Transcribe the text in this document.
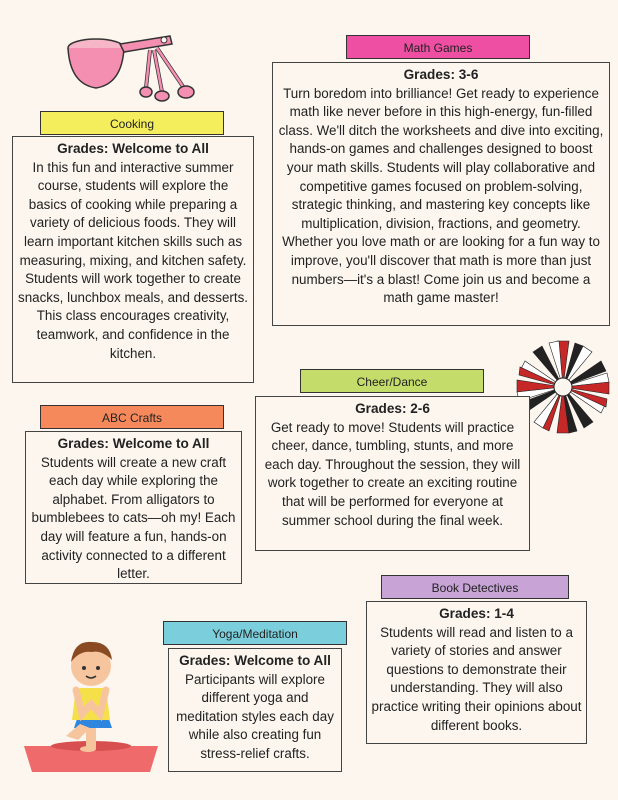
Math Games
Grades: 3-6
Turn boredom into brilliance! Get ready to experience math like never before in this high-energy, fun-filled class. We'll ditch the worksheets and dive into exciting, hands-on games and challenges designed to boost your math skills. Students will play collaborative and competitive games focused on problem-solving, strategic thinking, and mastering key concepts like multiplication, division, fractions, and geometry. Whether you love math or are looking for a fun way to improve, you'll discover that math is more than just numbers—it's a blast! Come join us and become a math game master!
Cooking
Grades: Welcome to All
In this fun and interactive summer course, students will explore the basics of cooking while preparing a variety of delicious foods. They will learn important kitchen skills such as measuring, mixing, and kitchen safety. Students will work together to create snacks, lunchbox meals, and desserts. This class encourages creativity, teamwork, and confidence in the kitchen.
Cheer/Dance
Grades: 2-6
Get ready to move! Students will practice cheer, dance, tumbling, stunts, and more each day. Throughout the session, they will work together to create an exciting routine that will be performed for everyone at summer school during the final week.
ABC Crafts
Grades: Welcome to All
Students will create a new craft each day while exploring the alphabet. From alligators to bumblebees to cats—oh my! Each day will feature a fun, hands-on activity connected to a different letter.
Book Detectives
Grades: 1-4
Students will read and listen to a variety of stories and answer questions to demonstrate their understanding. They will also practice writing their opinions about different books.
Yoga/Meditation
Grades: Welcome to All
Participants will explore different yoga and meditation styles each day while also creating fun stress-relief crafts.
